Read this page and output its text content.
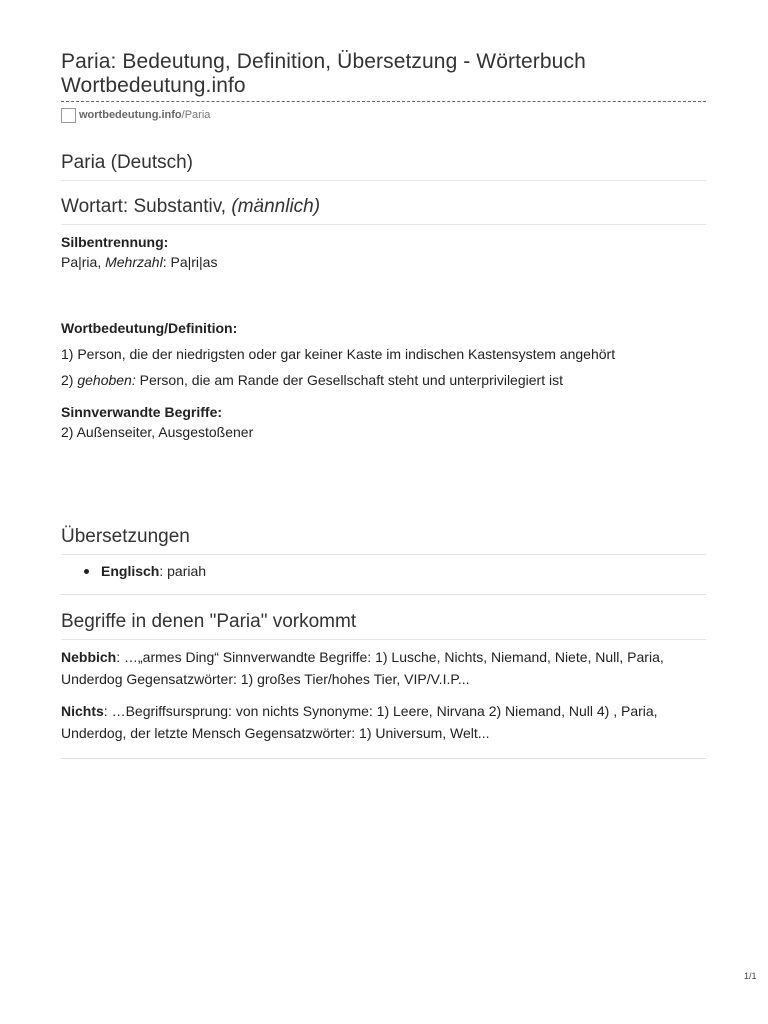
Paria: Bedeutung, Definition, Übersetzung - Wörterbuch
Wortbedeutung.info
wortbedeutung.info /Paria
Paria (Deutsch)
Wortart: Substantiv, (männlich)
Silbentrennung:
Pa|ria, Mehrzahl: Pa|ri|as
Wortbedeutung/Definition:
1) Person, die der niedrigsten oder gar keiner Kaste im indischen Kastensystem angehört
2) gehoben: Person, die am Rande der Gesellschaft steht und unterprivilegiert ist
Sinnverwandte Begriffe:
2) Außenseiter, Ausgestoßener
Übersetzungen
Englisch: pariah
Begriffe in denen "Paria" vorkommt
Nebbich: …„armes Ding“ Sinnverwandte Begriffe: 1) Lusche, Nichts, Niemand, Niete, Null, Paria, Underdog Gegensatzwörter: 1) großes Tier/hohes Tier, VIP/V.I.P...
Nichts: …Begriffsursprung: von nichts Synonyme: 1) Leere, Nirvana 2) Niemand, Null 4) , Paria, Underdog, der letzte Mensch Gegensatzwörter: 1) Universum, Welt...
1/1
